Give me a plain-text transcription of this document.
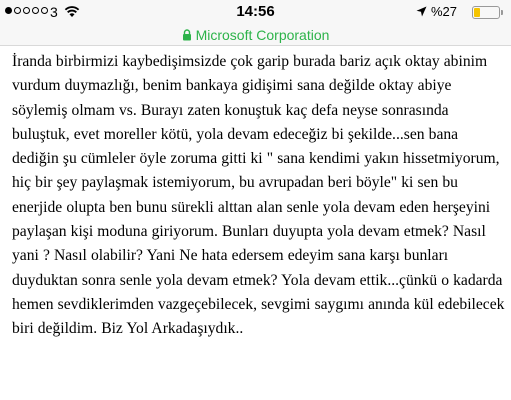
3	14:56	%27
Microsoft Corporation
İranda birbirmizi kaybedişimsizde çok garip burada bariz açık oktay abinim vurdum duymazlığı, benim bankaya gidişimi sana değilde oktay abiye söylemiş olmam vs. Burayı zaten konuştuk kaç defa neyse sonrasında buluştuk, evet moreller kötü, yola devam edeceğiz bi şekilde...sen bana dediğin şu cümleler öyle zoruma gitti ki " sana kendimi yakın hissetmiyorum, hiç bir şey paylaşmak istemiyorum, bu avrupadan beri böyle" ki sen bu enerjide olupta ben bunu sürekli alttan alan senle yola devam eden herşeyini paylaşan kişi moduna giriyorum. Bunları duyupta yola devam etmek? Nasıl yani ? Nasıl olabilir? Yani Ne hata edersem edeyim sana karşı bunları duyduktan sonra senle yola devam etmek? Yola devam ettik...çünkü o kadarda hemen sevdiklerimden vazgeçebilecek, sevgimi saygımı anında kül edebilecek biri değildim. Biz Yol Arkadaşıydık..
